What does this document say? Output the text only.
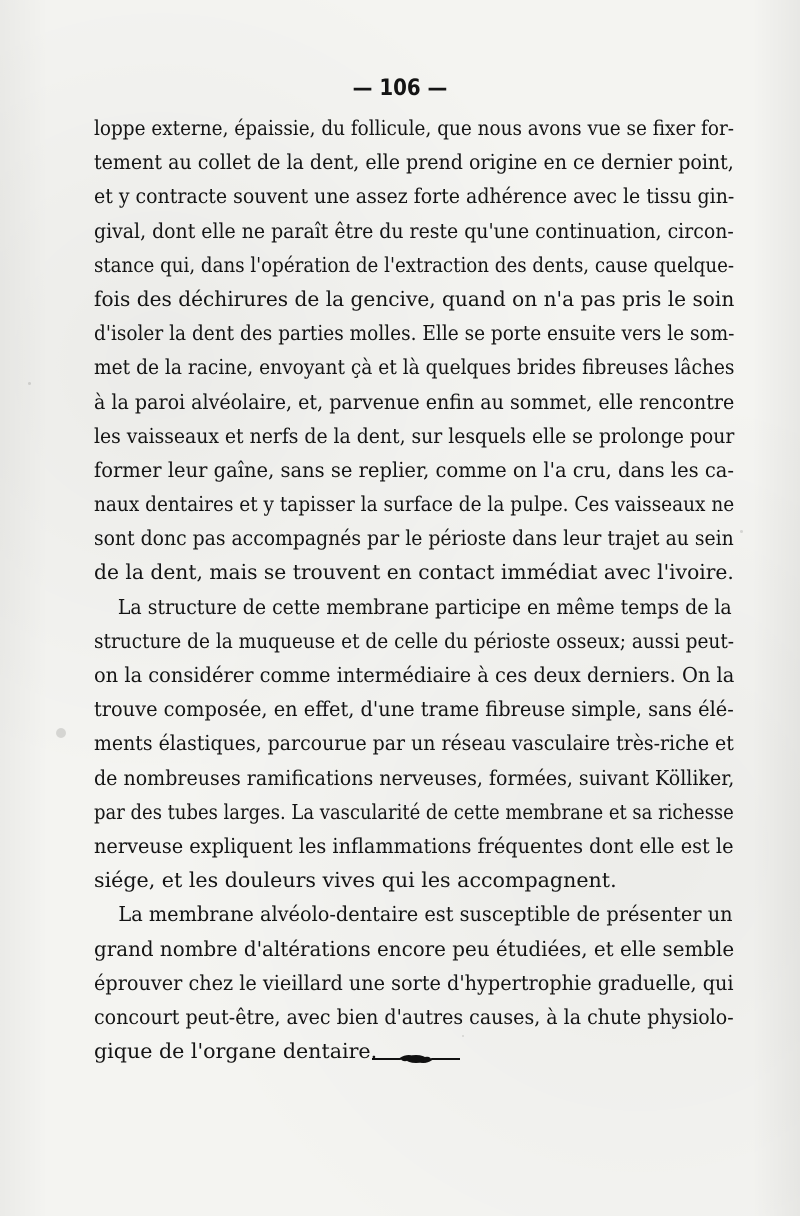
— 106 —
loppe externe, épaissie, du follicule, que nous avons vue se fixer for-
tement au collet de la dent, elle prend origine en ce dernier point,
et y contracte souvent une assez forte adhérence avec le tissu gin-
gival, dont elle ne paraît être du reste qu'une continuation, circon-
stance qui, dans l'opération de l'extraction des dents, cause quelque-
fois des déchirures de la gencive, quand on n'a pas pris le soin
d'isoler la dent des parties molles. Elle se porte ensuite vers le som-
met de la racine, envoyant çà et là quelques brides fibreuses lâches
à la paroi alvéolaire, et, parvenue enfin au sommet, elle rencontre
les vaisseaux et nerfs de la dent, sur lesquels elle se prolonge pour
former leur gaîne, sans se replier, comme on l'a cru, dans les ca-
naux dentaires et y tapisser la surface de la pulpe. Ces vaisseaux ne
sont donc pas accompagnés par le périoste dans leur trajet au sein
de la dent, mais se trouvent en contact immédiat avec l'ivoire.
La structure de cette membrane participe en même temps de la
structure de la muqueuse et de celle du périoste osseux; aussi peut-
on la considérer comme intermédiaire à ces deux derniers. On la
trouve composée, en effet, d'une trame fibreuse simple, sans élé-
ments élastiques, parcourue par un réseau vasculaire très-riche et
de nombreuses ramifications nerveuses, formées, suivant Kölliker,
par des tubes larges. La vascularité de cette membrane et sa richesse
nerveuse expliquent les inflammations fréquentes dont elle est le
siége, et les douleurs vives qui les accompagnent.
La membrane alvéolo-dentaire est susceptible de présenter un
grand nombre d'altérations encore peu étudiées, et elle semble
éprouver chez le vieillard une sorte d'hypertrophie graduelle, qui
concourt peut-être, avec bien d'autres causes, à la chute physiolo-
gique de l'organe dentaire.
